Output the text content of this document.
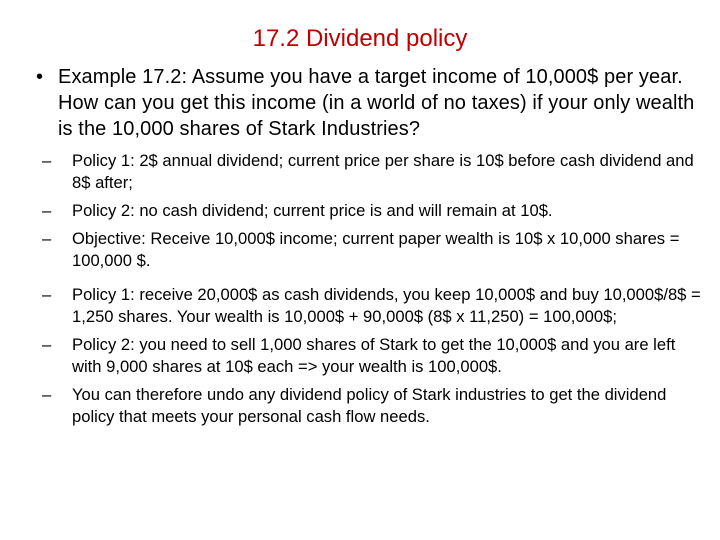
17.2 Dividend policy
• Example 17.2: Assume you have a target income of 10,000$ per year. How can you get this income (in a world of no taxes) if your only wealth is the 10,000 shares of Stark Industries?
–	Policy 1: 2$ annual dividend; current price per share is 10$ before cash dividend and 8$ after;
–	Policy 2: no cash dividend; current price is and will remain at 10$.
–	Objective: Receive 10,000$ income; current paper wealth is 10$ x 10,000 shares = 100,000 $.
–	Policy 1: receive 20,000$ as cash dividends, you keep 10,000$ and buy 10,000$/8$ = 1,250 shares. Your wealth is 10,000$ + 90,000$ (8$ x 11,250) = 100,000$;
–	Policy 2: you need to sell 1,000 shares of Stark to get the 10,000$ and you are left with 9,000 shares at 10$ each => your wealth is 100,000$.
–	You can therefore undo any dividend policy of Stark industries to get the dividend policy that meets your personal cash flow needs.
